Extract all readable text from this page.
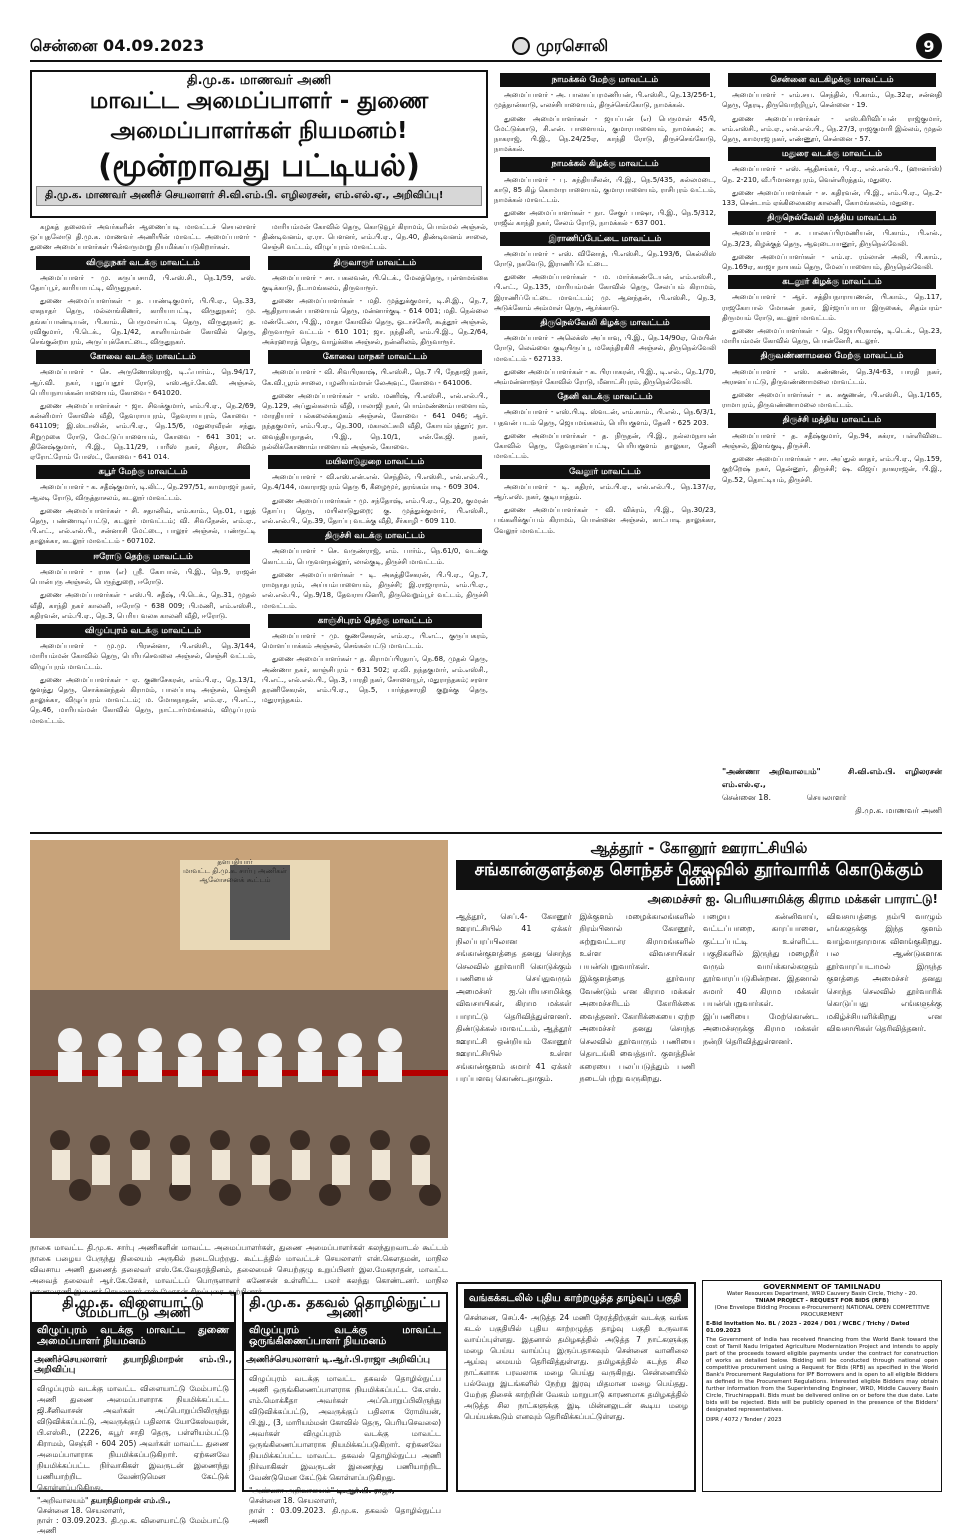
சென்னை 04.09.2023	முரசொலி	9
தி.மு.க. மாணவர் அணி
மாவட்ட அமைப்பாளர் - துணை அமைப்பாளர்கள் நியமனம்!
(மூன்றாவது பட்டியல்)
தி.மு.க. மாணவர் அணிச் செயலாளர் சி.வி.எம்.பி. எழிலரசன், எம்.எல்.ஏ., அறிவிப்பு!

கழகத் தலைவர் அவர்களின் ஆணைப்படி மாவட்டச் செயலாளர் ஒப்புதலோடு தி.மு.க. மாணவர் அணியின் மாவட்ட அமைப்பாளர் - துணை அமைப்பாளர்கள் பின்வருமாறு நியமிக்கப்படுகிறார்கள்.

விருதுநகர் வடக்கு மாவட்டம்

அமைப்பாளர் - மு. கருப்பசாமி, பி.எஸ்.சி., நெ.1/59, எஸ். தோப்பூர், காரியாபட்டி, விருதுநகர்.

துணை அமைப்பாளர்கள் - த. பாண்டிகுமார், பி.பி.ஏ., நெ.33, ஏகநாதர் தெரு, மல்லாங்கிணர், காரியாபட்டி, விருதுநகர்; மு. தங்கப்பாண்டியன், பி.காம்., பெருமாள்பட்டி தெரு, விருதுநகர்; த. ரவிகுமார், பி.டெக்., நெ.1/42, காளியம்மன் கோவில் தெரு, செங்குன்றாபுரம், அருப்புக்கோட்டை, விருதுநகர்.

கோவை வடக்கு மாவட்டம்

அமைப்பாளர் - செ. அருணோஸ்ராஜ், டி.ஃபார்ம்., நெ.94/17, ஆர்.வி. நகர், புதுப்புதூர் ரோடு, எஸ்.ஆர்.கே.வி. அஞ்சல், பெரியநாயக்கன்பாளையம், கோவை - 641020.

துணை அமைப்பாளர்கள் - ஜா. சிவக்குமார், எம்.பி.ஏ., நெ.2/69, கன்னிமார் கோவில் வீதி, தேவராயபுரம், தேவராயபுரம், கோவை - 641109; இ.ஸ்டாலின், எம்.பி.ஏ., நெ.15/6, மதுரைவீரன் சந்து, சிறுமுகை ரோடு, மேட்டுப்பாளையம், கோவை - 641 301; எ. தினேஷ்குமார், பி.இ., நெ.11/29, பாரீஸ் நகர், சித்ரா, சிவில் ஏரோட்ரோம் போஸ்ட், கோவை - 641 014.

கபூர் மேற்கு மாவட்டம்

அமைப்பாளர் - க. சதீஷ்குமார், டி.லிட்., நெ.297/51, காமராஜர் நகர், ஆலடி ரோடு, விருத்தாசலம், கடலூர் மாவட்டம்.

துணை அமைப்பாளர்கள் - சி. சதானிவ், எம்.காம்., நெ.01, புதுத் தெரு, பண்ணாடிப்பட்டு, கடலூர் மாவட்டம்; வி. சிவநேசன், எம்.ஏ., பி.எட்., எல்.எல்.பி., சன்னாசி மேட்டை, பாலூர் அஞ்சல், பண்ருட்டி தாலுக்கா, கடலூர் மாவட்டம் - 607102.

ஈரோடு தெற்கு மாவட்டம்

அமைப்பாளர் - ராசு (எ) ஸ்ரீ. கோபால், பி.இ., நெ.9, ராஜன் பொன்புரு அஞ்சல், பெருந்துறை, ஈரோடு.

துணை அமைப்பாளர்கள் - எஸ்.பி. சதீஷ், பி.டெக்., நெ.31, முதல் வீதி, காந்தி நகர் காலனி, ஈரோடு - 638 009; பி.மணி, எம்.எஸ்சி., கதிரவன், எம்.பி.ஏ., நெ.3, பெரிய வலசு காலனி வீதி, ஈரோடு.

விழுப்புரம் வடக்கு மாவட்டம்

அமைப்பாளர் - மு.மு. பிரசன்னா, பி.எஸ்சி., நெ.3/144, மாரியம்மன் கோவில் தெரு, பெரியசெவலை அஞ்சல், செஞ்சி வட்டம், விழுப்புரம் மாவட்டம்.

துணை அமைப்பாளர்கள் - ஏ. குணசேகரன், எம்.பி.ஏ., நெ.13/1, குளத்து தெரு, சொக்கனந்தல் கிராமம், பாலப்பாடி அஞ்சல், செஞ்சி தாலுக்கா, விழுப்புரம் மாவட்டம்; ம. மோகநாதன், எம்.ஏ., பி.எட்., நெ.46, மாரியம்மன் கோவில் தெரு, நாட்டார்மங்கலம், விழுப்புரம் மாவட்டம்.

மாரியம்மன் கோவில் தெரு, கொடுவூர் கிராமம், பொம்மல் அஞ்சல், திண்டிவனம், ஏ.ரா. பௌனர், எம்.பி.ஏ., நெ.40, திண்டிவனம் சாலை, செஞ்சி வட்டம், விழுப்புரம் மாவட்டம்.

திருவாரூர் மாவட்டம்

அமைப்பாளர் - சா. பகலவன், பி.டெக்., மேலத்தெரு, புள்ளமங்கை குடிக்காடு, நீடாமங்கலம், திருவாரூர்.

துணை அமைப்பாளர்கள் - மதி. முத்துக்குமார், டி.சி.இ., நெ.7, ஆதிநாயகன் பாளையம் தெரு, மன்னார்குடி - 614 001; மதி. நெல்லை மண்டேலா, பி.இ., மாதா கோவில் தெரு, ஓடாச்சேரி, கூத்தூர் அஞ்சல், திருவாரூர் வட்டம் - 610 101; ஜா. நந்தினி, எம்.பி.இ., நெ.2/64, அக்ரஹாரத் தெரு, வாழ்க்கை அஞ்சல், நன்னிலம், திருவாரூர்.

கோவை மாநகர் மாவட்டம்

அமைப்பாளர் - வி. சிவபிரகாஷ், பி.எஸ்சி., நெ.7 பி, நேதாஜி நகர், கே.வி.பூரம் சாலை, பழனியம்மாள் லேஅவுட், கோவை - 641006.

துணை அமைப்பாளர்கள் - எஸ். மணிஷ், பி.எஸ்சி., எல்.எல்.பி., நெ.129, அப்துல்கலாம் வீதி, பாலாஜி நகர், பொம்மண்ணம்பாளையம், மாரதியார் பல்கலைக்கழகம் அஞ்சல், கோவை - 641 046; ஆர். நந்தகுமார், எம்.பி.ஏ., நெ.300, மகாலட்சுமி வீதி, கோயம்புத்தூர்; நா. வைத்தியநாதன், பி.இ., நெ.10/1, என்.கே.ஜி. நகர், நல்லிக்கோணாம்பாளையம் அஞ்சல், கோவை.

மயிலாடுதுறை மாவட்டம்

அமைப்பாளர் - வி.எஸ்.என்.எல். செந்தில், பி.எஸ்சி., எல்.எல்.பி., நெ.4/144, மகாராஜபுரம் தெரு 6, கீழைமூர், தரங்கம்பாடி - 609 304.

துணை அமைப்பாளர்கள் - மு. சந்தோஷ், எம்.பி.ஏ., நெ.20, குமரன் தோப்பு தெரு, மயிலாடுதுறை; கு. முத்துக்குமார், பி.எஸ்சி., எல்.எல்.பி., நெ.39, தோப்பு வடக்கு வீதி, சீர்காழி - 609 110.

திருச்சி வடக்கு மாவட்டம்

அமைப்பாளர் - செ. வருண்ராஜ், எம். பார்ம்., நெ.61/0, வடக்கு கொட்டம், பெருவளநல்லூர், லால்குடி, திருச்சி மாவட்டம்.

துணை அமைப்பாளர்கள் - டி. அசுத்திசேகரன், பி.பி.ஏ., நெ.7, ராமநாதபுரம், அய்யம்பாளையம், திருச்சி; இ.ராஜாராம், எம்.பி.ஏ., எல்.எல்.பி., நெ.9/18, தேவராயனேரி, திருவெறும்பூர் வட்டம், திருச்சி மாவட்டம்.

காஞ்சிபுரம் தெற்கு மாவட்டம்

அமைப்பாளர் - மு. குணசேகரன், எம்.ஏ., பி.எட்., குருப்பகரம், மொளப்பாக்கம் அஞ்சல், செங்கல்பட்டு மாவட்டம்.

துணை அமைப்பாளர்கள் - த. கிராமப்பிரதாப், நெ.68, முதல் தெரு, அண்ணா நகர், காஞ்சிபுரம் - 631 502; ஏ.வி. நந்தகுமார், எம்.எஸ்சி., பி.எட்., எல்.எல்.பி., நெ.3, பாரதி நகர், சோளையூர், மதுராந்தகம்; சரளா தரணிசேகரன், எம்.பி.ஏ., நெ.5, பார்த்தசாரதி குறுக்கு தெரு, மதுராந்தகம்.

நாமக்கல் மேற்கு மாவட்டம்

அமைப்பாளர் - அ. பாலசுப்பரமணியன், பி.எஸ்சி., நெ.13/256-1, முத்தான்காடு, எலச்சிபாளையம், திருச்செங்கோடு, நாமக்கல்.

துணை அமைப்பாளர்கள் - ஜயப்பன் (எ) பெருமாள் 45பி, மேட்டுக்காடு, சி.என். பாளையம், குமாரபாளையம், நாமக்கல்; சு. நாகராஜ், பி.இ., நெ.24/25ஏ, காந்தி ரோடு, திருச்செங்கோடு, நாமக்கல்.

நாமக்கல் கிழக்கு மாவட்டம்

அமைப்பாளர் - பு. சுந்தியசீலன், பி.இ., நெ.5/435, கல்லமடை, காடு, 85 கிழ் கொமாரபாளையம், குமாரபாளையம், ராசிபுரம் வட்டம், நாமக்கல் மாவட்டம்.

துணை அமைப்பாளர்கள் - நா. சேகுர் பாஷா, பி.இ., நெ.5/312, ராஜீவ் காந்தி நகர், சேலம் ரோடு, நாமக்கல் - 637 001.

இராணிப்பேட்டை மாவட்டம்

அமைப்பாளர் - எஸ். வினோத், பி.எஸ்சி., நெ.193/6, கெல்லிஸ் ரோடு, நகவேடு, இராணிப்பேட்டை.

துணை அமைப்பாளர்கள் - ம. மார்க்கண்டேயன், எம்.எஸ்சி., பி.எட்., நெ.135, மாரியம்மன் கோவில் தெரு, சேலப்பம் கிராமம், இராணிப்பேட்டை மாவட்டம்; மு. ஆனந்தன், பி.எஸ்சி., நெ.3, அடுக்கோம் அம்மாள் தெரு, ஆர்க்காடு.

திருநெல்வேலி கிழக்கு மாவட்டம்

அமைப்பாளர் - அலெக்ஸ் அப்பாவு, பி.இ., நெ.14/90ஏ, மெயின் ரோடு, லெவ்வை குடியிருப்பு, மகேந்திரகிரி அஞ்சல், திருநெல்வேலி மாவட்டம் - 627133.

துணை அமைப்பாளர்கள் - க. பிரபாகரன், பி.இ., டி.எல்., நெ.1/70, அம்மன்னாளூர் கோவில் ரோடு, மீனாட்சிபுரம், திருநெல்வேலி.

தேனி வடக்கு மாவட்டம்

அமைப்பாளர் - எஸ்.பி.டி. ஸ்வடன், எம்.காம்., பி.எல்., நெ.6/3/1, பதவன் படம் தெரு, ஜெயமங்கலம், பெரியகுளம், தேனி - 625 203.

துணை அமைப்பாளர்கள் - த. நிருதன், பி.இ., நல்லமநாயன் கோவில் தெரு, தேவதானப்பட்டி, பெரியகுளம் தாலுகா, தேனி மாவட்டம்.

வேலூர் மாவட்டம்

அமைப்பாளர் - டி. கதிரர், எம்.பி.ஏ., எல்.எல்.பி., நெ.137/ஏ, ஆர்.எஸ். நகர், குடியாத்தம்.

துணை அமைப்பாளர்கள் - வி. விக்ரம், பி.இ., நெ.30/23, பங்களிக்குப்பம் கிராமம், பொன்னை அஞ்சல், காட்பாடி தாலுக்கா, வேலூர் மாவட்டம்.

சென்னை வடகிழக்கு மாவட்டம்

அமைப்பாளர் - எம்.சய. செந்தில், பி.காம்., நெ.32ஏ, சன்னதி தெரு, தேரடி, திருவொற்றியூர், சென்னை - 19.

துணை அமைப்பாளர்கள் - எஸ்.கிரிவிப்பன் ராஜ்குமார், எம்.எஸ்சி., எம்.ஏ., எல்.எல்.பி., நெ.27/3, ராஜகுமாரி இல்லம், முதல் தெரு, காமராஜ நகர், எண்ணூர், சென்னை - 57.

மதுரை வடக்கு மாவட்டம்

அமைப்பாளர் - எஸ். ஆதிசங்கர், பி.ஏ., எல்.எல்.பி., (ஹானர்ஸ்) நெ. 2-210, வீ.பீமானாதபுரம், வெள்ளிரத்தம், மதுரை.

துணை அமைப்பாளர்கள் - ச. கதிரவன், பி.இ., எம்.பி.ஏ., நெ.2-133, சென்டாம் ஏக்கிலைகரை காலனி, கோமங்கலம், மதுரை.

திருநெல்வேலி மத்திய மாவட்டம்

அமைப்பாளர் - ச. பாலசுப்பிரமணியன், பி.காம்., பி.எல்., நெ.3/23, கிழக்குத் தெரு, ஆவுடையானூர், திருநெல்வேலி.

துணை அமைப்பாளர்கள் - எம்.ஏ. ரம்லான் அலி, பி.காம்., நெ.169ஏ, காஜா நாயகம் தெரு, மேலப்பாளையம், திருநெல்வேலி.

கடலூர் கிழக்கு மாவட்டம்

அமைப்பாளர் - ஆர். சத்தியநாராயணன், பி.காம்., நெ.117, ராஜகோபால் மோகன் நகர், இர்ஜாப்பாபா இருகைக், சிதம்பரம்-திருமயம் ரோடு, கடலூர் மாவட்டம்.

துணை அமைப்பாளர்கள் - நெ. ஜெயபிரகாஷ், டி.டெக்., நெ.23, மாரியம்மன் கோவில் தெரு, பொன்னேரி, கடலூர்.

திருவண்ணாமலை மேற்கு மாவட்டம்

அமைப்பாளர் - எஸ். கண்ணன், நெ.3/4-63, பாரதி நகர், அரசனப்பட்டு, திருவண்ணாமலை மாவட்டம்.

துணை அமைப்பாளர்கள் - க. சுகுணன், பி.எஸ்சி., நெ.1/165, ராமாபுரம், திருவண்ணாமலை மாவட்டம்.

திருச்சி மத்திய மாவட்டம்

அமைப்பாளர் - த. சதீஷ்குமார், நெ.94, சுக்ரா, பள்ளிவிடை அஞ்சல், இளங்குடி, திருச்சி.

துணை அமைப்பாளர்கள் - சா. அப்துல் காதர், எம்.பி.ஏ., நெ.159, குற்றேஷ் நகர், தென்னூர், திருச்சி; ஷ. விஜய் நாகராஜன், பி.இ., நெ.52, தொட்டியம், திருச்சி.

"அண்ணா அறிவாலயம்"	சி.வி.எம்.பி. எழிலரசன் எம்.எல்.ஏ.,
சென்னை 18.	செயலாளர்
தி.மு.க. மாணவர் அணி
தளபதியார்
மாவட்ட தி.மு.க. சார்பு அணிகள்
ஆலோசனைக் கூட்டம்
நாகை மாவட்ட தி.மு.க. சார்பு அணிகளின் மாவட்ட அமைப்பாளர்கள், துணை அமைப்பாளர்கள் கலந்துறவாடல் கூட்டம் நாகை பழைய பேருந்து நிலையம் அருகில் நடைபெற்றது. கூட்டத்தில் மாவட்டச் செயலாளர் என்.கௌதமன், மாநில விவசாய அணி துணைத் தலைவர் எஸ்.கே.வேதரத்தினம், தலைமைச் செயற்குழு உறுப்பினர் இல.மேகநாதன், மாவட்ட அவைத் தலைவர் ஆர்.கே.சேகர், மாவட்டப் பொருளாளர் கணேசன் உள்ளிட்ட பலர் கலந்து கொண்டனர். மாநில மாணவரணி இணைச் செயலாளர் எஸ்.மோகன் சிறப்புரை ஆற்றினார்.
ஆத்தூர் - கோனூர் ஊராட்சியில்
சங்கான்குளத்தை சொந்தச் செலவில் தூர்வாரிக் கொடுக்கும் பணி!
அமைச்சர் ஐ. பெரியசாமிக்கு கிராம மக்கள் பாராட்டு!
ஆத்தூர், செப்.4- கோனூர் ஊராட்சியில் 41 ஏக்கர் நிலப்பரப்பிலான சங்கான்குளத்தை தனது சொந்த செலவில் தூர்வாரி கொடுக்கும் பணியைச் செய்துவரும் அமைச்சர் ஐ.பெரியசாமிக்கு விவசாயிகள், கிராம மக்கள் பாராட்டு தெரிவித்துள்ளனர். திண்டுக்கல் மாவட்டம், ஆத்தூர் ஊராட்சி ஒன்றியம் கோனூர் ஊராட்சியில் உள்ள சங்கான்குளம் சுமார் 41 ஏக்கர் பரப்பளவு கொண்டதாகும்.
இக்குளம் மழைக்காலங்களில் நிரம்பினால் கோனூர், சுற்றுவட்டார கிராமங்களில் உள்ள விவசாயிகள் பயன்பெறுவார்கள். இக்குளத்தை தூர்வார வேண்டும் என கிராம மக்கள் அமைச்சரிடம் கோரிக்கை வைத்தனர். கோரிக்கையை ஏற்ற அமைச்சர் தனது சொந்த செலவில் தூர்வாரும் பணியை தொடங்கி வைத்தார். குளத்தின் கரையை பலப்படுத்தும் பணி நடைபெற்று வருகிறது.
பழைய கன்னிவாய், வட்டப்பாறை, காரப்பாளை, குட்டப்பட்டி உள்ளிட்ட பகுதிகளில் இருந்து மழைநீர் வரும் வாய்க்கால்களும் தூர்வாரப்படுகின்றன. இதனால் சுமார் 40 கிராம மக்கள் பயன்பெறுவார்கள். இப்பணியை மேற்கொண்ட அமைச்சருக்கு கிராம மக்கள் நன்றி தெரிவித்துள்ளனர்.
விவசாயத்தை நம்பி வாழும் எங்களுக்கு இந்த குளம் வாழ்வாதாரமாக விளங்குகிறது. பல ஆண்டுகளாக தூர்வாரப்படாமல் இருந்த குளத்தை அமைச்சர் தனது சொந்த செலவில் தூர்வாரிக் கொடுப்பது எங்களுக்கு மகிழ்ச்சியளிக்கிறது என விவசாயிகள் தெரிவித்தனர்.
GOVERNMENT OF TAMILNADU
Water Resources Department, WRD Cauvery Basin Circle, Trichy - 20.
TNIAM PROJECT - REQUEST FOR BIDS (RFB)
(One Envelope Bidding Process e-Procurement) NATIONAL OPEN COMPETITIVE PROCUREMENT
E-Bid Invitation No. BL / 2023 - 2024 / D01 / WCBC / Trichy / Dated 01.09.2023
The Government of India has received financing from the World Bank toward the cost of Tamil Nadu Irrigated Agriculture Modernization Project and intends to apply part of the proceeds toward eligible payments under the contract for construction of works as detailed below. Bidding will be conducted through national open competitive procurement using a Request for Bids (RFB) as specified in the World Bank's Procurement Regulations for IPF Borrowers and is open to all eligible Bidders as defined in the Procurement Regulations. Interested eligible Bidders may obtain further information from the Superintending Engineer, WRD, Middle Cauvery Basin Circle, Tiruchirappalli. Bids must be delivered online on or before the due date. Late bids will be rejected. Bids will be publicly opened in the presence of the Bidders' designated representatives.
DIPR / 4072 / Tender / 2023
வங்கக்கடலில் புதிய காற்றழுத்த தாழ்வுப் பகுதி

சென்னை, செப்.4- அடுத்த 24 மணி நேரத்திற்குள் வடக்கு வங்க கடல் பகுதியில் புதிய காற்றழுத்த தாழ்வு பகுதி உருவாக வாய்ப்புள்ளது. இதனால் தமிழகத்தில் அடுத்த 7 நாட்களுக்கு மழை பெய்ய வாய்ப்பு இருப்பதாகவும் சென்னை வானிலை ஆய்வு மையம் தெரிவித்துள்ளது. தமிழகத்தில் கடந்த சில நாட்களாக பரவலாக மழை பெய்து வருகிறது. சென்னையில் பல்வேறு இடங்களில் நேற்று இரவு மிதமான மழை பெய்தது. மேற்கு திசைக் காற்றின் வேகம் மாறுபாடு காரணமாக தமிழகத்தில் அடுத்த சில நாட்களுக்கு இடி மின்னலுடன் கூடிய மழை பெய்யக்கூடும் எனவும் தெரிவிக்கப்பட்டுள்ளது.

தி.மு.க. விளையாட்டு மேம்பாட்டு அணி
விழுப்புரம் வடக்கு மாவட்ட துணை அமைப்பாளர் நியமனம்
அணிச்செயலாளர் தயாநிதிமாறன் எம்.பி., அறிவிப்பு

விழுப்புரம் வடக்கு மாவட்ட விளையாட்டு மேம்பாட்டு அணி துணை அமைப்பாளராக நியமிக்கப்பட்ட ஜி.சீனிவாசன் அவர்கள் அப்பொறுப்பிலிருந்து விடுவிக்கப்பட்டு, அவருக்குப் பதிலாக யோகேஸ்வரன், பி.எஸ்சி., (2226, கபூர் சாதி தெரு, பள்ளியம்பட்டு கிராமம், செஞ்சி - 604 205) அவர்கள் மாவட்ட துணை அமைப்பாளராக நியமிக்கப்படுகிறார். ஏற்கனவே நியமிக்கப்பட்ட நிர்வாகிகள் இவருடன் இணைந்து பணியாற்றிட வேண்டுமென கேட்டுக் கொள்ளப்படுகிறது.

"அறிவாலயம்" தயாநிதிமாறன் எம்.பி.,
சென்னை 18. செயலாளர்,
நாள் : 03.09.2023. தி.மு.க. விளையாட்டு மேம்பாட்டு அணி
தி.மு.க. தகவல் தொழில்நுட்ப அணி
விழுப்புரம் வடக்கு மாவட்ட ஒருங்கிணைப்பாளர் நியமனம்
அணிச்செயலாளர் டி.ஆர்.பி.ராஜா அறிவிப்பு

விழுப்புரம் வடக்கு மாவட்ட தகவல் தொழில்நுட்ப அணி ஒருங்கிணைப்பாளராக நியமிக்கப்பட்ட கே.எஸ். எம்.மொக்கீதா அவர்கள் அப்பொறுப்பிலிருந்து விடுவிக்கப்பட்டு, அவருக்குப் பதிலாக ரோமியன், பி.இ., (3, மாரியம்மன் கோவில் தெரு, பெரியசெவலை) அவர்கள் விழுப்புரம் வடக்கு மாவட்ட ஒருங்கிணைப்பாளராக நியமிக்கப்படுகிறார். ஏற்கனவே நியமிக்கப்பட்ட மாவட்ட தகவல் தொழில்நுட்ப அணி நிர்வாகிகள் இவருடன் இணைந்து பணியாற்றிட வேண்டுமென கேட்டுக் கொள்ளப்படுகிறது.

"அண்ணா அறிவாலயம்" டி.ஆர்.பி. ராஜா,
சென்னை 18. செயலாளர்,
நாள் : 03.09.2023. தி.மு.க. தகவல் தொழில்நுட்ப அணி
